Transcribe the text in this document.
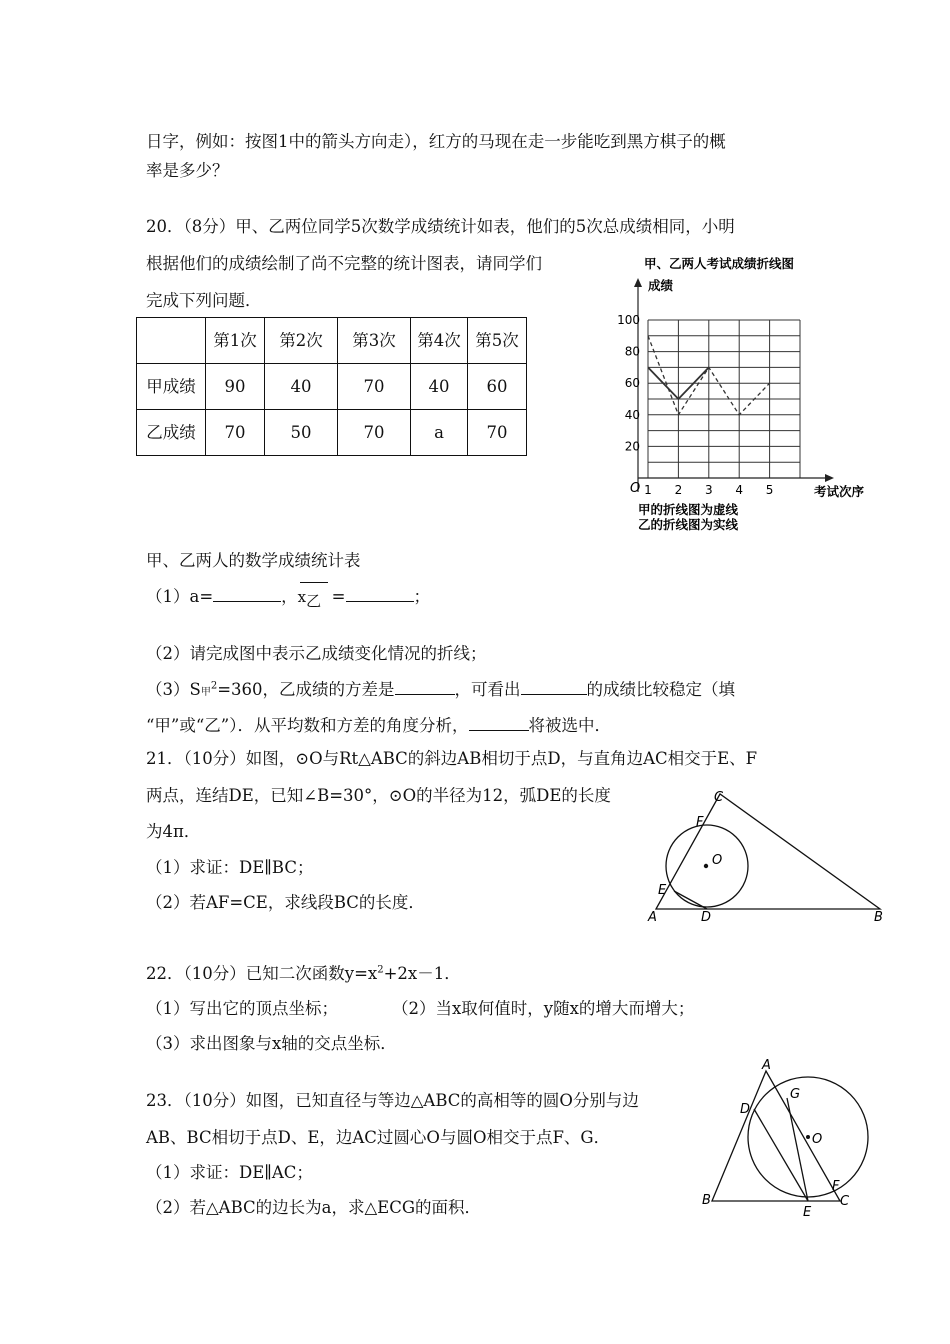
日字，例如：按图1中的箭头方向走），红方的马现在走一步能吃到黑方棋子的概
率是多少？
20．（8分）甲、乙两位同学5次数学成绩统计如表，他们的5次总成绩相同，小明
根据他们的成绩绘制了尚不完整的统计图表，请同学们
完成下列问题．
	第1次	第2次	第3次	第4次	第5次
甲成绩	90	40	70	40	60
乙成绩	70	50	70	a	70
甲、乙两人的数学成绩统计表
（1）a=	，
x乙 =	；
（2）请完成图中表示乙成绩变化情况的折线；
（3）S甲$^2$=360，乙成绩的方差是	，可看出	的成绩比较稳定（填
“甲”或“乙”）．从平均数和方差的角度分析，	将被选中．
甲、乙两人考试成绩折线图
成绩
O	考试次序
20
40
60
80
100
1 2 3 4 5
甲的折线图为虚线
乙的折线图为实线
21．（10分）如图，⊙O与Rt△ABC的斜边AB相切于点D，与直角边AC相交于E、F
两点，连结DE，已知∠B=30°，⊙O的半径为12，弧DE的长度
为4π．
（1）求证：DE∥BC；
（2）若AF=CE，求线段BC的长度．
A	B
C
D
E
F
O
22．（10分）已知二次函数$y=x^2+2x-1$．
（1）写出它的顶点坐标；	（2）当x取何值时，y随x的增大而增大；
（3）求出图象与x轴的交点坐标．
23．（10分）如图，已知直径与等边△ABC的高相等的圆O分别与边
AB、BC相切于点D、E，边AC过圆心O与圆O相交于点F、G．
（1）求证：DE∥AC；
（2）若△ABC的边长为a，求△ECG的面积．
A
B	C
D
E
F
G
O
